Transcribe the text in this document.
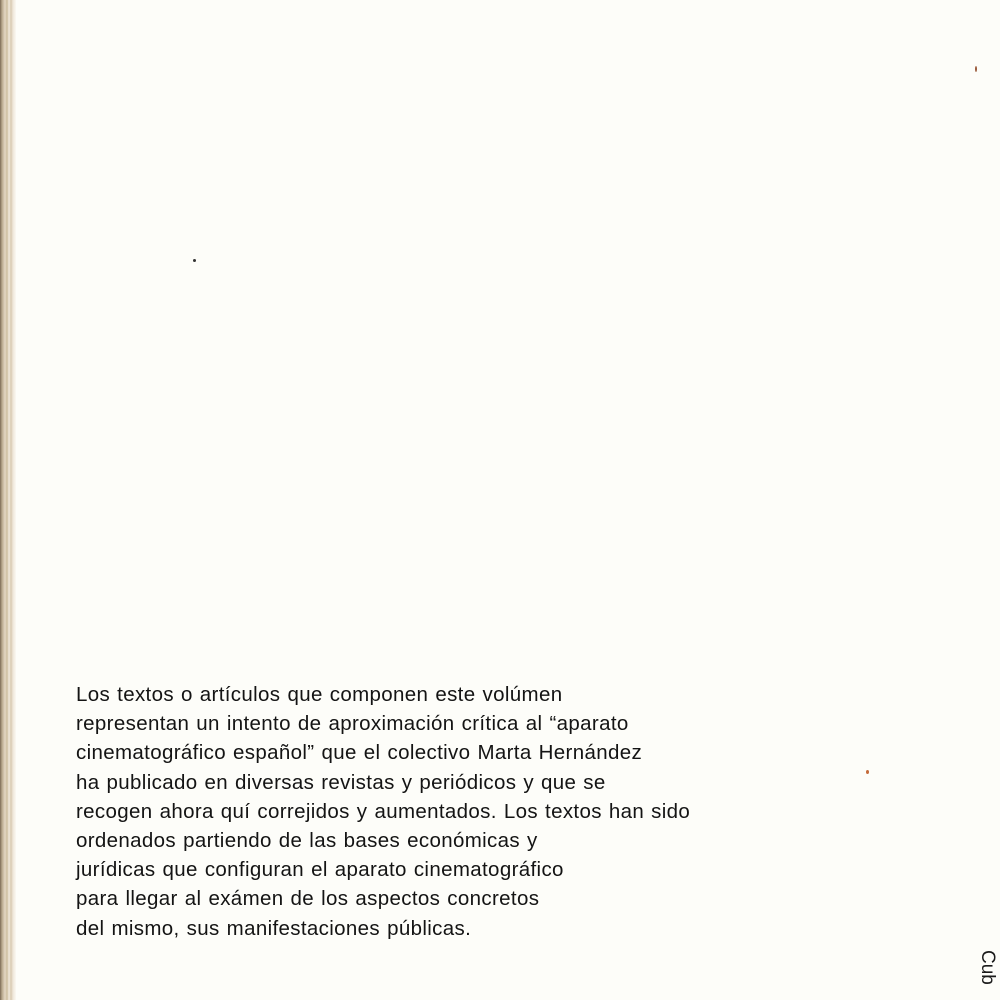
Los textos o artículos que componen este volúmen
representan un intento de aproximación crítica al “aparato
cinematográfico español” que el colectivo Marta Hernández
ha publicado en diversas revistas y periódicos y que se
recogen ahora quí correjidos y aumentados. Los textos han sido
ordenados partiendo de las bases económicas y
jurídicas que configuran el aparato cinematográfico
para llegar al exámen de los aspectos concretos
del mismo, sus manifestaciones públicas.

Cub
